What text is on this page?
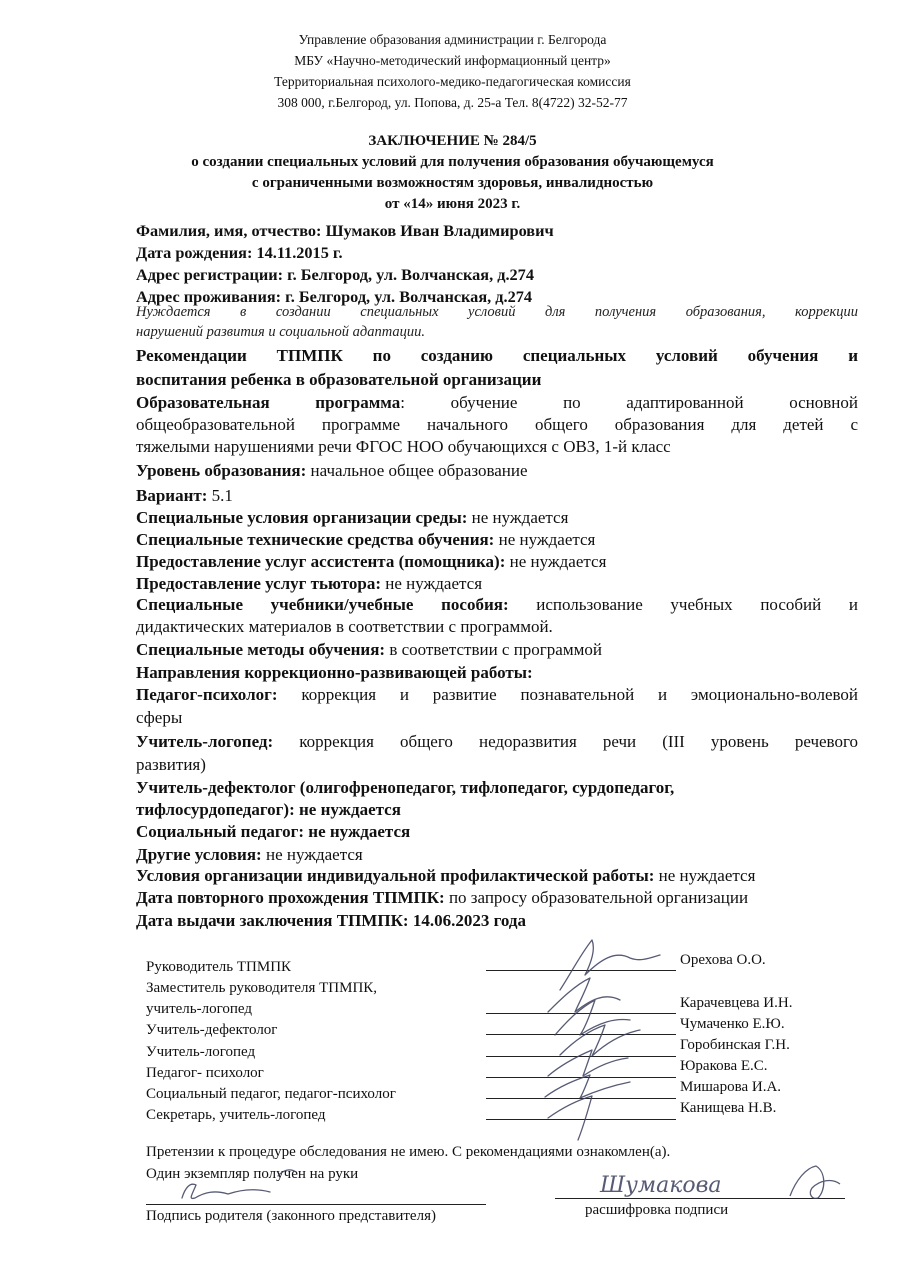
Управление образования администрации г. Белгорода
МБУ «Научно-методический информационный центр»
Территориальная психолого-медико-педагогическая комиссия
308 000, г.Белгород, ул. Попова, д. 25-а Тел. 8(4722) 32-52-77
ЗАКЛЮЧЕНИЕ № 284/5
о создании специальных условий для получения образования обучающемуся
с ограниченными возможностям здоровья, инвалидностью
от «14» июня 2023 г.
Фамилия, имя, отчество: Шумаков Иван Владимирович
Дата рождения: 14.11.2015 г.
Адрес регистрации: г. Белгород, ул. Волчанская, д.274
Адрес проживания: г. Белгород, ул. Волчанская, д.274
Нуждается в создании специальных условий для получения образования, коррекции
нарушений развития и социальной адаптации.
Рекомендации ТПМПК по созданию специальных условий обучения и
воспитания ребенка в образовательной организации
Образовательная программа: обучение по адаптированной основной
общеобразовательной программе начального общего образования для детей с
тяжелыми нарушениями речи ФГОС НОО обучающихся с ОВЗ, 1-й класс
Уровень образования: начальное общее образование
Вариант: 5.1
Специальные условия организации среды: не нуждается
Специальные технические средства обучения: не нуждается
Предоставление услуг ассистента (помощника): не нуждается
Предоставление услуг тьютора: не нуждается
Специальные учебники/учебные пособия: использование учебных пособий и
дидактических материалов в соответствии с программой.
Специальные методы обучения: в соответствии с программой
Направления коррекционно-развивающей работы:
Педагог-психолог: коррекция и развитие познавательной и эмоционально-волевой
сферы
Учитель-логопед: коррекция общего недоразвития речи (III уровень речевого
развития)
Учитель-дефектолог (олигофренопедагог, тифлопедагог, сурдопедагог,
тифлосурдопедагог): не нуждается
Социальный педагог: не нуждается
Другие условия: не нуждается
Условия организации индивидуальной профилактической работы: не нуждается
Дата повторного прохождения ТПМПК: по запросу образовательной организации
Дата выдачи заключения ТПМПК: 14.06.2023 года
Руководитель ТПМПК
Заместитель руководителя ТПМПК,
учитель-логопед
Учитель-дефектолог
Учитель-логопед
Педагог- психолог
Социальный педагог, педагог-психолог
Секретарь, учитель-логопед
Орехова О.О.
Карачевцева И.Н.
Чумаченко Е.Ю.
Горобинская Г.Н.
Юракова Е.С.
Мишарова И.А.
Канищева Н.В.
Претензии к процедуре обследования не имею. С рекомендациями ознакомлен(а).
Один экземпляр получен на руки
Подпись родителя (законного представителя)	расшифровка подписи
Шумакова
